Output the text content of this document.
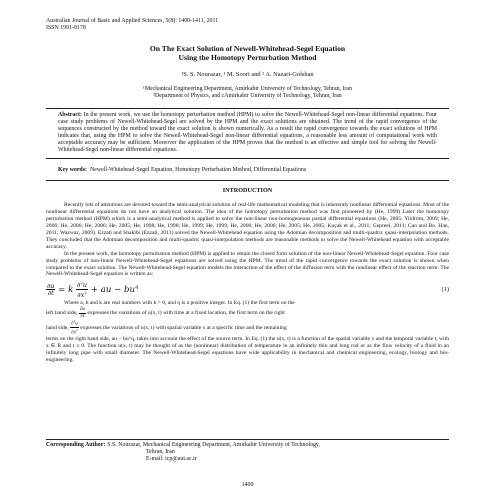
Australian Journal of Basic and Applied Sciences, 5(8): 1400-1411, 2011
ISSN 1991-8178
On The Exact Solution of Newell-Whitehead-Segel Equation
Using the Homotopy Perturbation Method
¹S. S. Nourazar, ¹ M. Soori and ² A. Nazari-Golshan
¹Mechanical Engineering Department, Amirkabir University of Technology, Tehran, Iran
²Department of Physics, and cAmirkabir University of Technology, Tehran, Iran

Abstract: In the present work, we use the homotopy perturbation method (HPM) to solve the Newell-Whitehead-Segel non-linear differential equations. Four case study problems of Newell-Whitehead-Segel are solved by the HPM and the exact solutions are obtained. The trend of the rapid convergence of the sequences constructed by the method toward the exact solution is shown numerically. As a result the rapid convergence towards the exact solutions of HPM indicates that, using the HPM to solve the Newell-Whitehead-Segel non-linear differential equations, a reasonable less amount of computational work with acceptable accuracy may be sufficient. Moreover the application of the HPM proves that the method is an effective and simple tool for solving the Newell-Whitehead-Segel non-linear differential equations.

Key words: Newell-Whitehead-Segel Equation, Homotopy Perturbation Method, Differential Equations
INTRODUCTION

Recently lots of attentions are devoted toward the semi-analytical solution of real-life mathematical modeling that is inherently nonlinear differential equations. Most of the nonlinear differential equations do not have an analytical solution. The idea of the homotopy perturbation method was first pioneered by (He, 1999) Later the homotopy perturbation method (HPM) which is a semi-analytical method is applied to solve the non-linear non-homogeneous partial differential equations (He, 2005; Yildirim, 2009; He, 2006; He, 2006; He, 2006; He, 2005; He, 1998; He, 1998; He, 1999; He, 1999; He, 2000; He, 2006; He, 2005; He, 2005; Koçak et al., 2011; Gepreel, 2011; Cao and Bo. Han, 2011; Wazwaz, 2009). Ezzati and Shakibi (Ezzati, 2011) solved the Newell-Whitehead equation using the Adomian decomposition and multi-quadric quasi-interpolation methods. They concluded that the Adomian decomposition and multi-quadric quasi-interpolation methods are reasonable methods to solve the Newell-Whitehead equation with acceptable accuracy.

In the present work, the homotopy perturbation method (HPM) is applied to obtain the closed form solution of the non-linear Newell-Whitehead-Segel equation. Four case study problems of non-linear Newell-Whitehead-Segel equations are solved using the HPM. The trend of the rapid convergence towards the exact solution is shown when compared to the exact solution. The Newell-Whitehead-Segel equation models the interaction of the effect of the diffusion term with the nonlinear effect of the reaction term. The Newell-Whitehead-Segel equation is written as:

$\frac{\partial u}{\partial t} = k \frac{\partial^2u}{\partial x^2}$ + au − $bu^q$	(1)

Where a, b and k are real numbers with k > 0, and q is a positive integer. In Eq. (1) the first term on the

left hand side, $\frac{\partial u}{\partial t}$ expresses the variations of u(x, t) with time at a fixed location, the first term on the right

hand side, $\frac{\partial^2u}{\partial x^2}$ expresses the variations of u(x, t) with spatial variable x at a specific time and the remaining

terms on the right hand side, au − bu^q, takes into account the effect of the source term. In Eq. (1) the u(x, t) is a function of the spatial variable x and the temporal variable t, with x ∈ R and t ≥ 0. The function u(x, t) may be thought of as the (nonlinear) distribution of temperature in an infinitely thin and long rod or as the flow velocity of a fluid in an infinitely long pipe with small diameter. The Newell-Whitehead-Segel equations have wide applicability in mechanical and chemical engineering, ecology, biology and bio-engineering.

Corresponding Author: S.S. Nourazar, Mechanical Engineering Department, Amirkabir University of Technology,
Tehran, Iran
E-mail: icp@aut.ac.ir
1400
